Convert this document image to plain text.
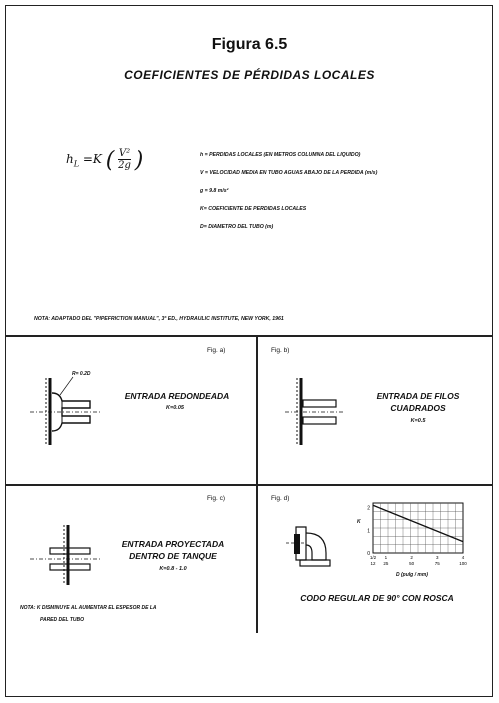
Figura 6.5
COEFICIENTES DE PÉRDIDAS LOCALES
$h_L =K$ ( $\frac{\text{V²}}{2g}$ )	h = PERDIDAS LOCALES (EN METROS COLUMNA DEL LIQUIDO)
V = VELOCIDAD MEDIA EN TUBO AGUAS ABAJO DE LA PERDIDA (m/s)
g = 9.8 m/s²
K= COEFICIENTE DE PERDIDAS LOCALES
D= DIAMETRO DEL TUBO (m)
NOTA: ADAPTADO DEL "PIPEFRICTION MANUAL", 3ª ED., HYDRAULIC INSTITUTE, NEW YORK, 1961
Fig. a)
R= 0.2D
ENTRADA REDONDEADA
K=0.05
Fig. b)
ENTRADA DE FILOS
CUADRADOS
K=0.5
Fig. c)
ENTRADA PROYECTADA
DENTRO DE TANQUE
K=0.8 - 1.0
NOTA: K DISMINUYE AL AUMENTAR EL ESPESOR DE LA
PARED DEL TUBO
Fig. d)
CODO REGULAR DE 90° CON ROSCA
K
D (pulg / mm)
2
1
0
1/2 1	2	3	4
12 25	50	75	100
